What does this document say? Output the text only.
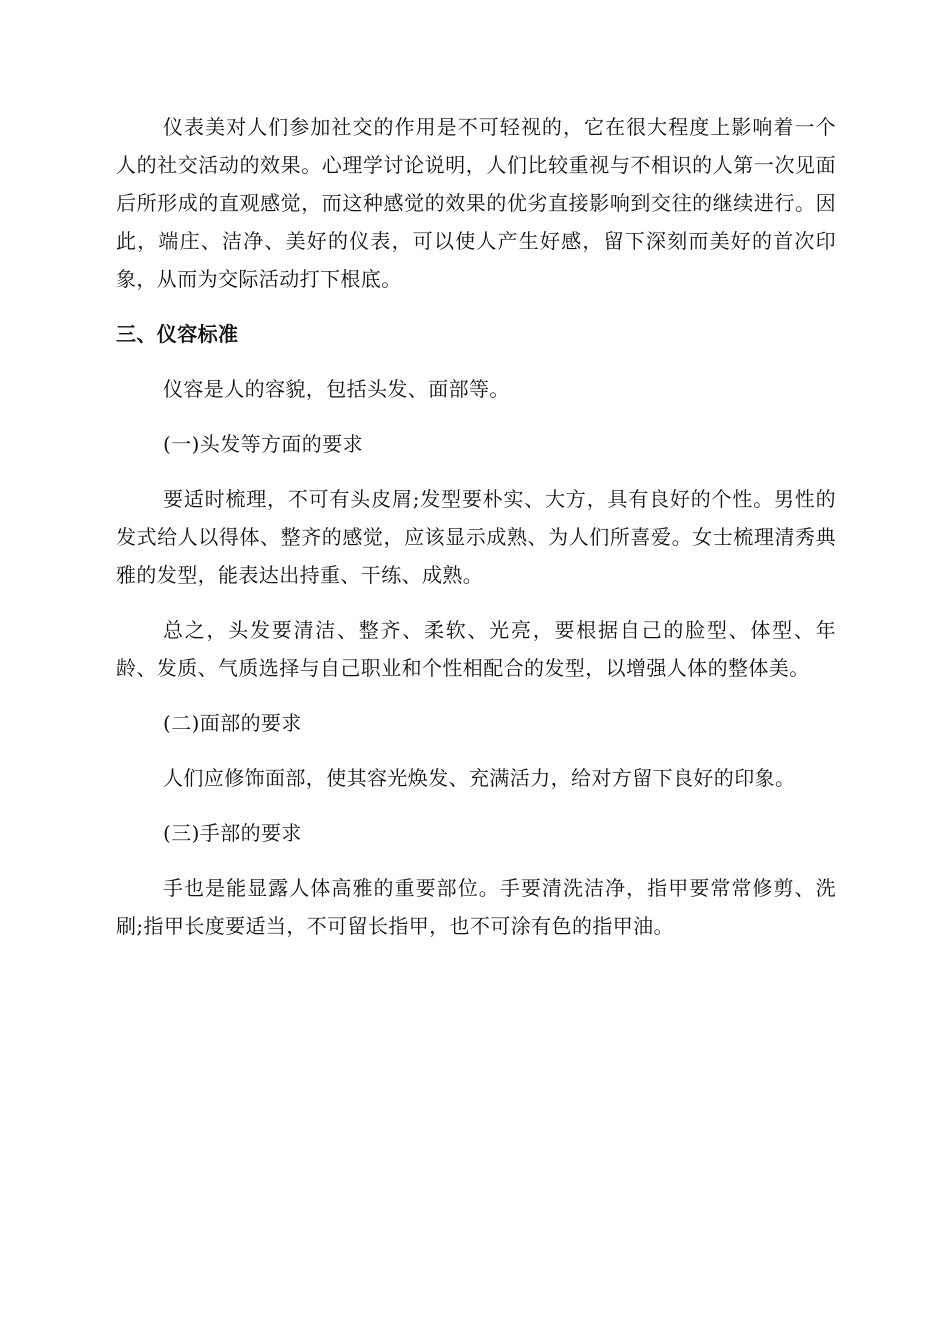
仪表美对人们参加社交的作用是不可轻视的，它在很大程度上影响着一个人的社交活动的效果。心理学讨论说明，人们比较重视与不相识的人第一次见面后所形成的直观感觉，而这种感觉的效果的优劣直接影响到交往的继续进行。因此，端庄、洁净、美好的仪表，可以使人产生好感，留下深刻而美好的首次印象，从而为交际活动打下根底。

三、仪容标准

仪容是人的容貌，包括头发、面部等。

(一)头发等方面的要求

要适时梳理，不可有头皮屑;发型要朴实、大方，具有良好的个性。男性的发式给人以得体、整齐的感觉，应该显示成熟、为人们所喜爱。女士梳理清秀典雅的发型，能表达出持重、干练、成熟。

总之，头发要清洁、整齐、柔软、光亮，要根据自己的脸型、体型、年龄、发质、气质选择与自己职业和个性相配合的发型，以增强人体的整体美。

(二)面部的要求

人们应修饰面部，使其容光焕发、充满活力，给对方留下良好的印象。

(三)手部的要求

手也是能显露人体高雅的重要部位。手要清洗洁净，指甲要常常修剪、洗刷;指甲长度要适当，不可留长指甲，也不可涂有色的指甲油。
